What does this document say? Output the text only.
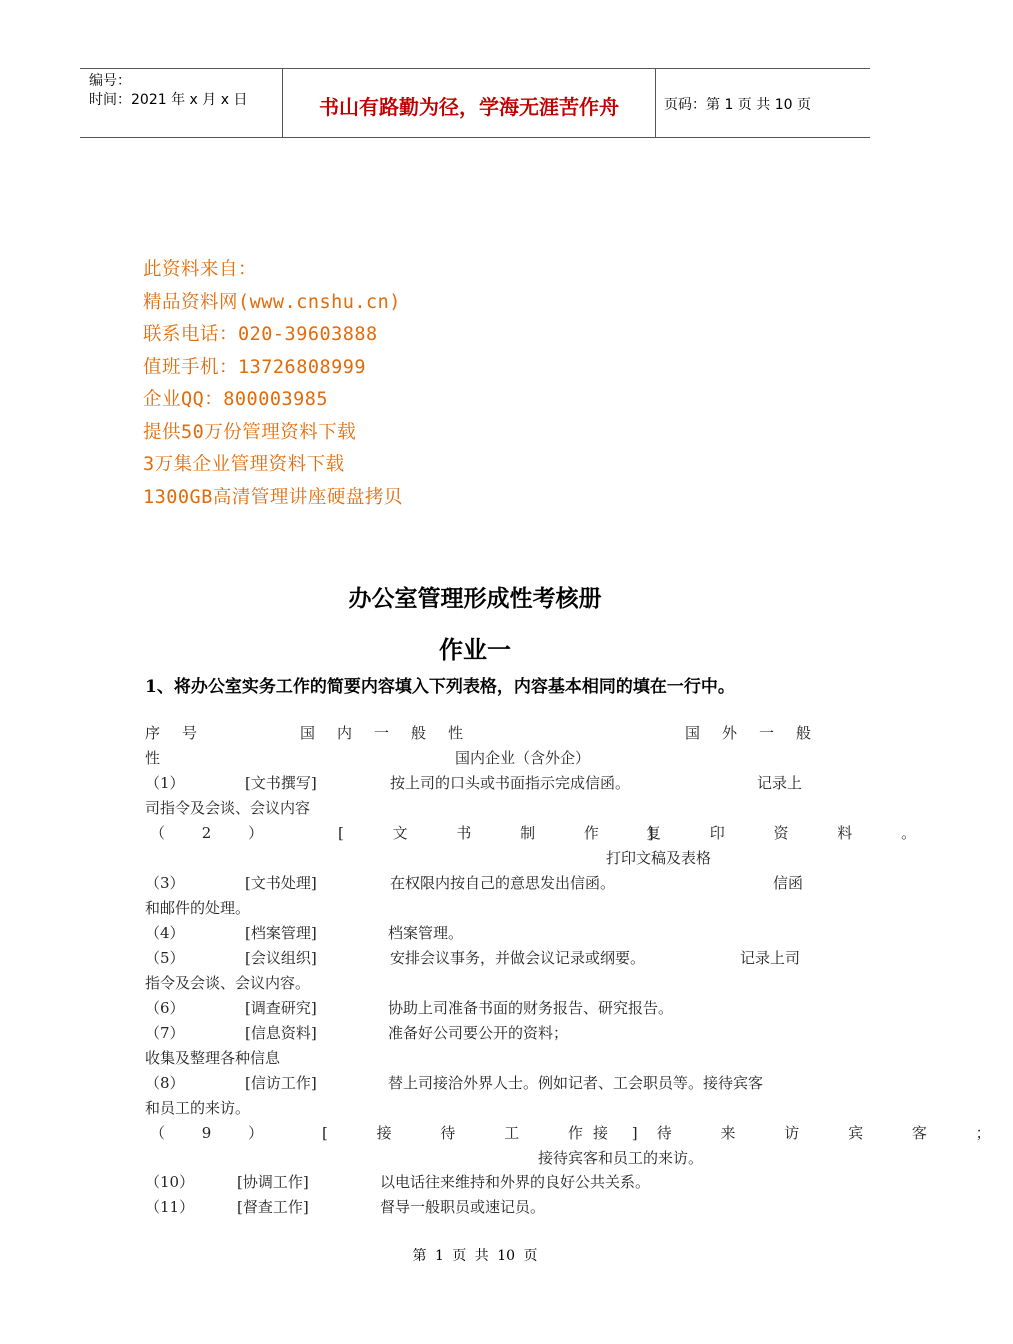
编号：
时间：2021 年 x 月 x 日	书山有路勤为径，学海无涯苦作舟	页码：第 1 页 共 10 页
此资料来自：
精品资料网(www.cnshu.cn)
联系电话：020-39603888
值班手机：13726808999
企业QQ：800003985
提供50万份管理资料下载
3万集企业管理资料下载
1300GB高清管理讲座硬盘拷贝
办公室管理形成性考核册
作业一
1、将办公室实务工作的简要内容填入下列表格，内容基本相同的填在一行中。
序号	国内一般性	国外一般
性	国内企业（含外企）
（1）	[文书撰写]	按上司的口头或书面指示完成信函。	记录上
司指令及会谈、会议内容
（ 2 ）	[ 文 书 制 作 ]
复 印 资 料 。
打印文稿及表格
（3）	[文书处理]	在权限内按自己的意思发出信函。	信函
和邮件的处理。
（4）	[档案管理]	档案管理。
（5）	[会议组织]	安排会议事务，并做会议记录或纲要。	记录上司
指令及会谈、会议内容。
（6）	[调查研究]	协助上司准备书面的财务报告、研究报告。
（7）	[信息资料]	准备好公司要公开的资料；
收集及整理各种信息
（8）	[信访工作]	替上司接洽外界人士。例如记者、工会职员等。接待宾客
和员工的来访。
（ 9 ）	[ 接 待 工 作 ]
接 待 来 访 宾 客 ；
接待宾客和员工的来访。
（10）	[协调工作]	以电话往来维持和外界的良好公共关系。
（11）	[督查工作]	督导一般职员或速记员。
第 1 页 共 10 页
